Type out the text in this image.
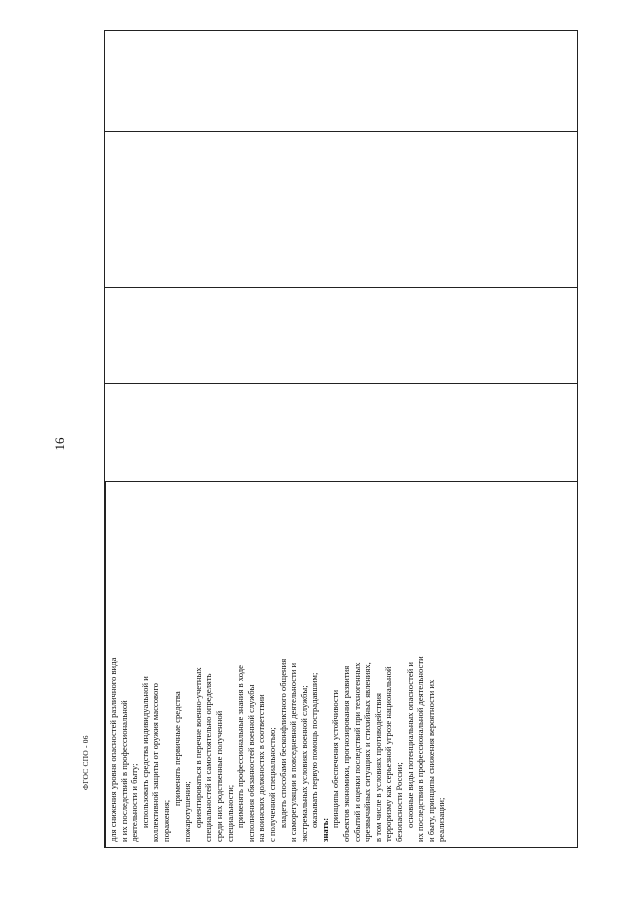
16
ФГОС СПО - 06 для снижения уровня опасностей различного вида и их последствий в профессиональной деятельности и быту; использовать средства индивидуальной и коллективной защиты от оружия массового поражения;
применять первичные средства
пожаротушения; ориентироваться в перечне военно-учетных специальностей и самостоятельно определять среди них родственные полученной специальности; применять профессиональные знания в ходе исполнения обязанностей военной службы на воинских должностях в соответствии с полученной специальностью; владеть способами бесконфликтного общения и саморегуляции в повседневной деятельности и экстремальных условиях военной службы; оказывать первую помощь пострадавшим;
знать:
принципы обеспечения устойчивости объектов экономики, прогнозирования развития событий и оценки последствий при техногенных чрезвычайных ситуациях и стихийных явлениях, в том числе в условиях противодействия терроризму как серьезной угрозе национальной безопасности России; основные виды потенциальных опасностей и их последствия в профессиональной деятельности и быту, принципы снижения вероятности их реализации;
